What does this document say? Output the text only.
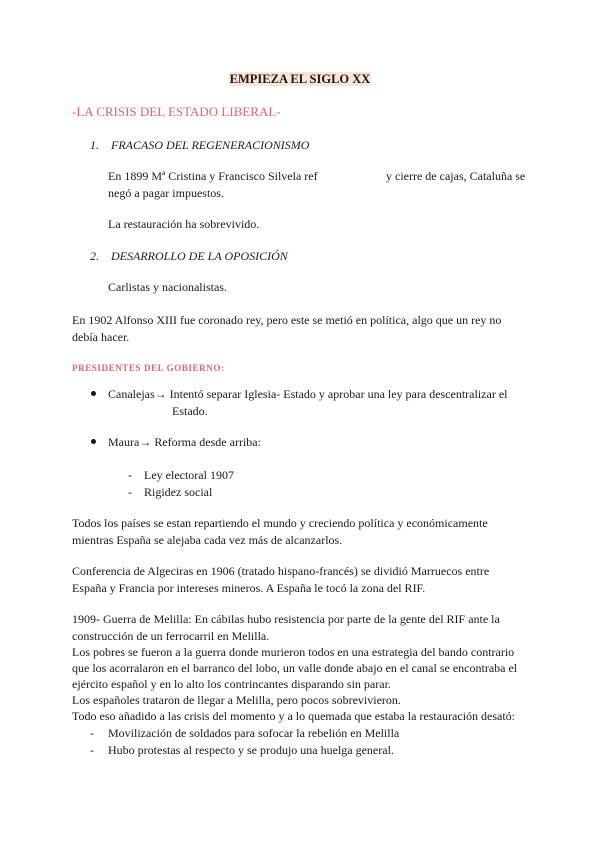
EMPIEZA EL SIGLO XX
-LA CRISIS DEL ESTADO LIBERAL-
1. FRACASO DEL REGENERACIONISMO
En 1899 Mª Cristina y Francisco Silvela ref	y cierre de cajas, Cataluña se
negó a pagar impuestos.
La restauración ha sobrevivido.
2. DESARROLLO DE LA OPOSICIÓN
Carlistas y nacionalistas.
En 1902 Alfonso XIII fue coronado rey, pero este se metió en política, algo que un rey no
debía hacer.
PRESIDENTES DEL GOBIERNO:
Canalejas→ Intentó separar Iglesia- Estado y aprobar una ley para descentralizar el
Estado.
Maura→ Reforma desde arriba:
- Ley electoral 1907
- Rigidez social
Todos los países se estan repartiendo el mundo y creciendo política y económicamente
mientras España se alejaba cada vez más de alcanzarlos.
Conferencia de Algeciras en 1906 (tratado hispano-francés) se dividió Marruecos entre
España y Francia por intereses mineros. A España le tocó la zona del RIF.
1909- Guerra de Melilla: En cábilas hubo resistencia por parte de la gente del RIF ante la
construcción de un ferrocarril en Melilla.
Los pobres se fueron a la guerra donde murieron todos en una estrategia del bando contrario
que los acorralaron en el barranco del lobo, un valle donde abajo en el canal se encontraba el
ejército español y en lo alto los contrincantes disparando sin parar.
Los españoles trataron de llegar a Melilla, pero pocos sobrevivieron.
Todo eso añadido a las crisis del momento y a lo quemada que estaba la restauración desató:
- Movilización de soldados para sofocar la rebelión en Melilla
- Hubo protestas al respecto y se produjo una huelga general.
